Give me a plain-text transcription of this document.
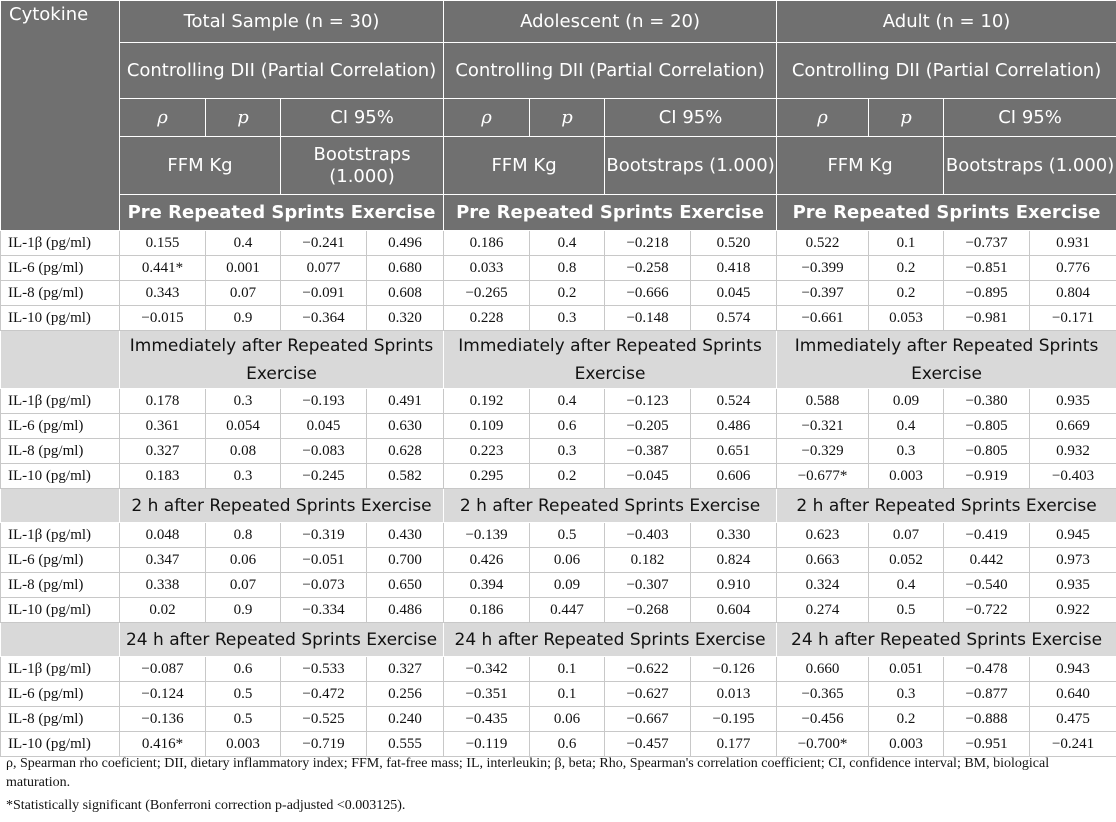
Cytokine	Total Sample (n = 30)				Adolescent (n = 20)				Adult (n = 10)			
	Controlling DII (Partial Correlation)				Controlling DII (Partial Correlation)				Controlling DII (Partial Correlation)			
	ρ	p	CI 95%		ρ	p	CI 95%		ρ	p	CI 95%	
	FFM Kg		Bootstraps (1.000)		FFM Kg		Bootstraps (1.000)		FFM Kg		Bootstraps (1.000)	
	Pre Repeated Sprints Exercise				Pre Repeated Sprints Exercise				Pre Repeated Sprints Exercise			
IL-1β (pg/ml)	0.155	0.4	−0.241	0.496	0.186	0.4	−0.218	0.520	0.522	0.1	−0.737	0.931
IL-6 (pg/ml)	0.441*	0.001	0.077	0.680	0.033	0.8	−0.258	0.418	−0.399	0.2	−0.851	0.776
IL-8 (pg/ml)	0.343	0.07	−0.091	0.608	−0.265	0.2	−0.666	0.045	−0.397	0.2	−0.895	0.804
IL-10 (pg/ml)	−0.015	0.9	−0.364	0.320	0.228	0.3	−0.148	0.574	−0.661	0.053	−0.981	−0.171
	Immediately after Repeated Sprints Exercise				Immediately after Repeated Sprints Exercise				Immediately after Repeated Sprints Exercise			
IL-1β (pg/ml)	0.178	0.3	−0.193	0.491	0.192	0.4	−0.123	0.524	0.588	0.09	−0.380	0.935
IL-6 (pg/ml)	0.361	0.054	0.045	0.630	0.109	0.6	−0.205	0.486	−0.321	0.4	−0.805	0.669
IL-8 (pg/ml)	0.327	0.08	−0.083	0.628	0.223	0.3	−0.387	0.651	−0.329	0.3	−0.805	0.932
IL-10 (pg/ml)	0.183	0.3	−0.245	0.582	0.295	0.2	−0.045	0.606	−0.677*	0.003	−0.919	−0.403
	2 h after Repeated Sprints Exercise				2 h after Repeated Sprints Exercise				2 h after Repeated Sprints Exercise			
IL-1β (pg/ml)	0.048	0.8	−0.319	0.430	−0.139	0.5	−0.403	0.330	0.623	0.07	−0.419	0.945
IL-6 (pg/ml)	0.347	0.06	−0.051	0.700	0.426	0.06	0.182	0.824	0.663	0.052	0.442	0.973
IL-8 (pg/ml)	0.338	0.07	−0.073	0.650	0.394	0.09	−0.307	0.910	0.324	0.4	−0.540	0.935
IL-10 (pg/ml)	0.02	0.9	−0.334	0.486	0.186	0.447	−0.268	0.604	0.274	0.5	−0.722	0.922
	24 h after Repeated Sprints Exercise				24 h after Repeated Sprints Exercise				24 h after Repeated Sprints Exercise			
IL-1β (pg/ml)	−0.087	0.6	−0.533	0.327	−0.342	0.1	−0.622	−0.126	0.660	0.051	−0.478	0.943
IL-6 (pg/ml)	−0.124	0.5	−0.472	0.256	−0.351	0.1	−0.627	0.013	−0.365	0.3	−0.877	0.640
IL-8 (pg/ml)	−0.136	0.5	−0.525	0.240	−0.435	0.06	−0.667	−0.195	−0.456	0.2	−0.888	0.475
IL-10 (pg/ml)	0.416*	0.003	−0.719	0.555	−0.119	0.6	−0.457	0.177	−0.700*	0.003	−0.951	−0.241

ρ, Spearman rho coeficient; DII, dietary inflammatory index; FFM, fat-free mass; IL, interleukin; β, beta; Rho, Spearman's correlation coefficient; CI, confidence interval; BM, biological maturation.

*Statistically significant (Bonferroni correction p-adjusted <0.003125).
